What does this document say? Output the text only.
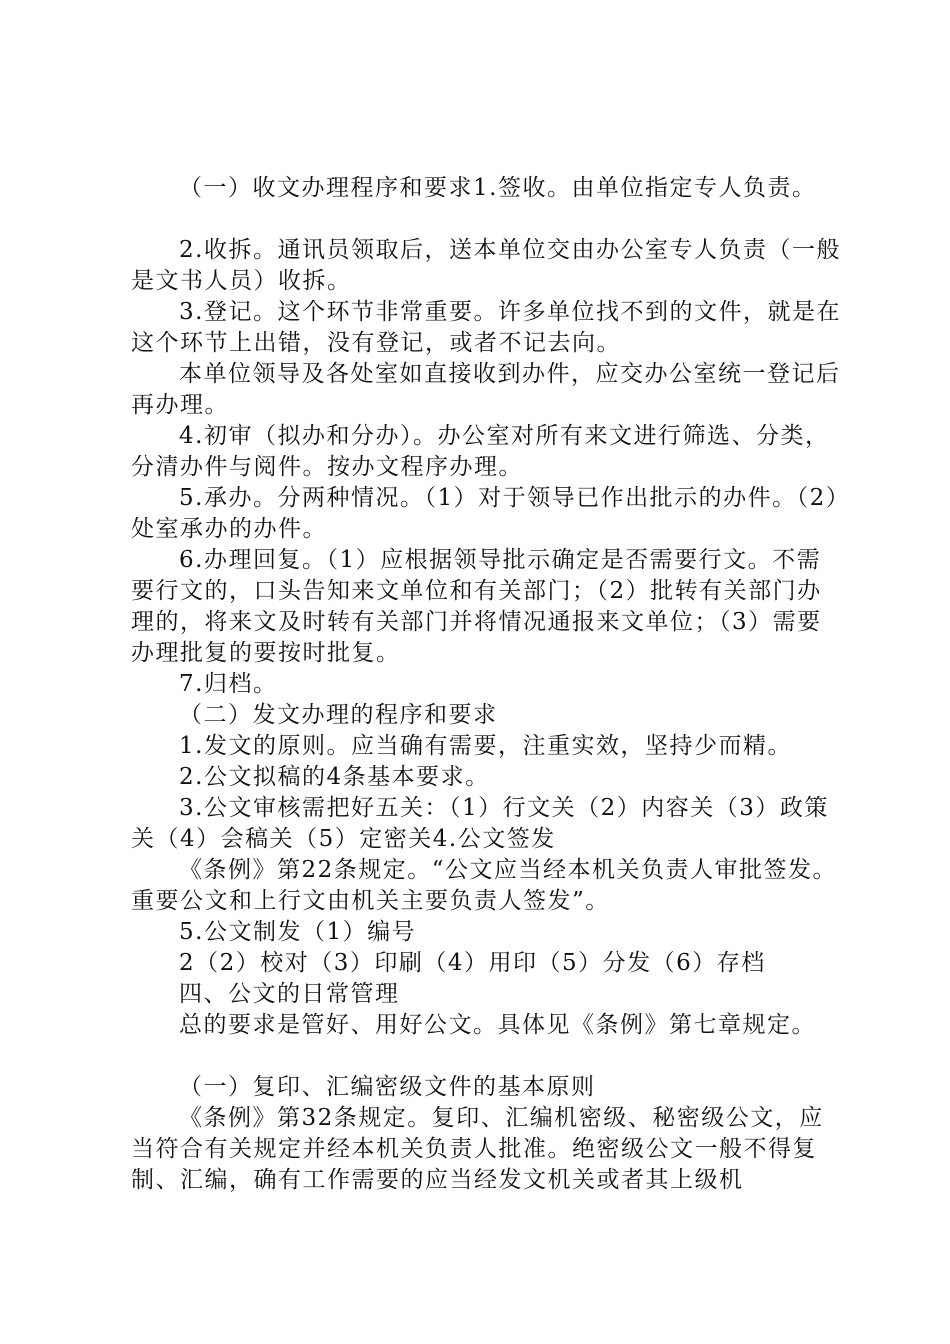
（一）收文办理程序和要求1.签收。由单位指定专人负责。

2.收拆。通讯员领取后，送本单位交由办公室专人负责（一般是文书人员）收拆。

3.登记。这个环节非常重要。许多单位找不到的文件，就是在这个环节上出错，没有登记，或者不记去向。

本单位领导及各处室如直接收到办件，应交办公室统一登记后再办理。

4.初审（拟办和分办）。办公室对所有来文进行筛选、分类，分清办件与阅件。按办文程序办理。

5.承办。分两种情况。（1）对于领导已作出批示的办件。（2）处室承办的办件。

6.办理回复。（1）应根据领导批示确定是否需要行文。不需要行文的，口头告知来文单位和有关部门；（2）批转有关部门办理的，将来文及时转有关部门并将情况通报来文单位；（3）需要办理批复的要按时批复。

7.归档。

（二）发文办理的程序和要求

1.发文的原则。应当确有需要，注重实效，坚持少而精。

2.公文拟稿的4条基本要求。

3.公文审核需把好五关：（1）行文关（2）内容关（3）政策关（4）会稿关（5）定密关4.公文签发

《条例》第22条规定。“公文应当经本机关负责人审批签发。重要公文和上行文由机关主要负责人签发”。

5.公文制发（1）编号

2（2）校对（3）印刷（4）用印（5）分发（6）存档

四、公文的日常管理

总的要求是管好、用好公文。具体见《条例》第七章规定。

（一）复印、汇编密级文件的基本原则

《条例》第32条规定。复印、汇编机密级、秘密级公文，应当符合有关规定并经本机关负责人批准。绝密级公文一般不得复制、汇编，确有工作需要的应当经发文机关或者其上级机
